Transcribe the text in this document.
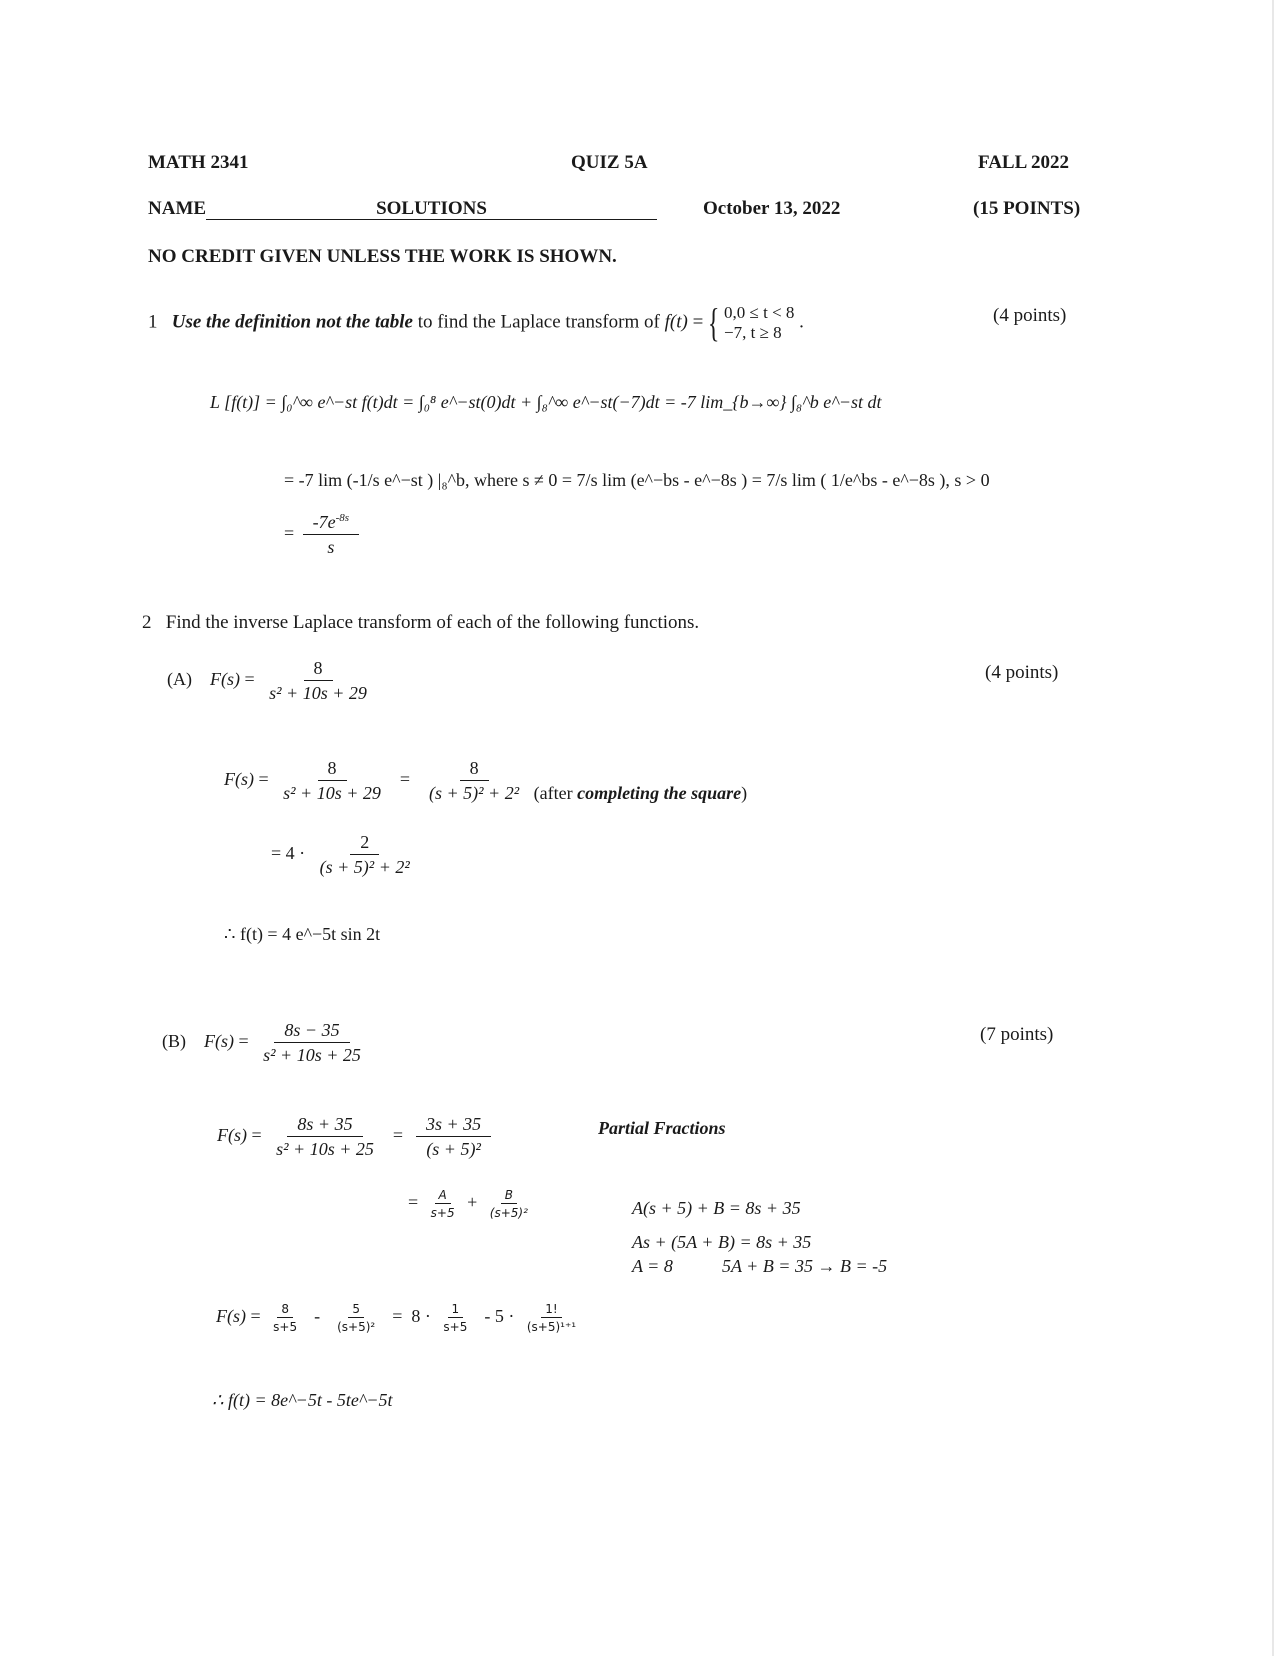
MATH 2341	QUIZ 5A	FALL 2022
NAME	SOLUTIONS	October 13, 2022	(15 POINTS)
NO CREDIT GIVEN UNLESS THE WORK IS SHOWN.
1 Use the definition not the table to find the Laplace transform of f(t) = { 0,0 ≤ t < 8
−7, t ≥ 8
.	(4 points)
L [f(t)] = ∫₀^∞ e^−st f(t)dt = ∫₀⁸ e^−st(0)dt + ∫₈^∞ e^−st(−7)dt = -7 lim_{b→∞} ∫₈^b e^−st dt
= -7 lim (-1/s e^−st ) |₈^b, where s ≠ 0 = 7/s lim (e^−bs - e^−8s ) = 7/s lim ( 1/e^bs - e^−8s ), s > 0
= $\frac{-7e^{-8s}}{s}$
2 Find the inverse Laplace transform of each of the following functions.
(A) $F(s) = \frac{8}{\text{s² + 10s + 29}}$	(4 points)
$F(s) = \frac{8}{\text{s² + 10s + 29}} = \frac{8}{\text{(s + 5)² + 2²}}$ (after completing the square)
= $4 \cdot \frac{2}{\text{(s + 5)² + 2²}}$
∴ f(t) = 4 e^−5t sin 2t
(B) $F(s) = \frac{8s - 35}{\text{s² + 10s + 25}}$	(7 points)
$F(s) = \frac{8s + 35}{\text{s² + 10s + 25}} = \frac{3s + 35}{\text{(s + 5)²}}$	Partial Fractions
= $\frac{A}{s+5} + \frac{B}{\text{(s+5)²}}$	A(s + 5) + B = 8s + 35
As + (5A + B) = 8s + 35
A = 8	5A + B = 35 → B = -5
$F(s) = \frac{8}{s+5} - \frac{5}{\text{(s+5)²}} = 8 \cdot \frac{1}{s+5} - 5 \cdot \frac{1!}{\text{(s+5)¹⁺¹}}$
∴ f(t) = 8e^−5t - 5te^−5t
